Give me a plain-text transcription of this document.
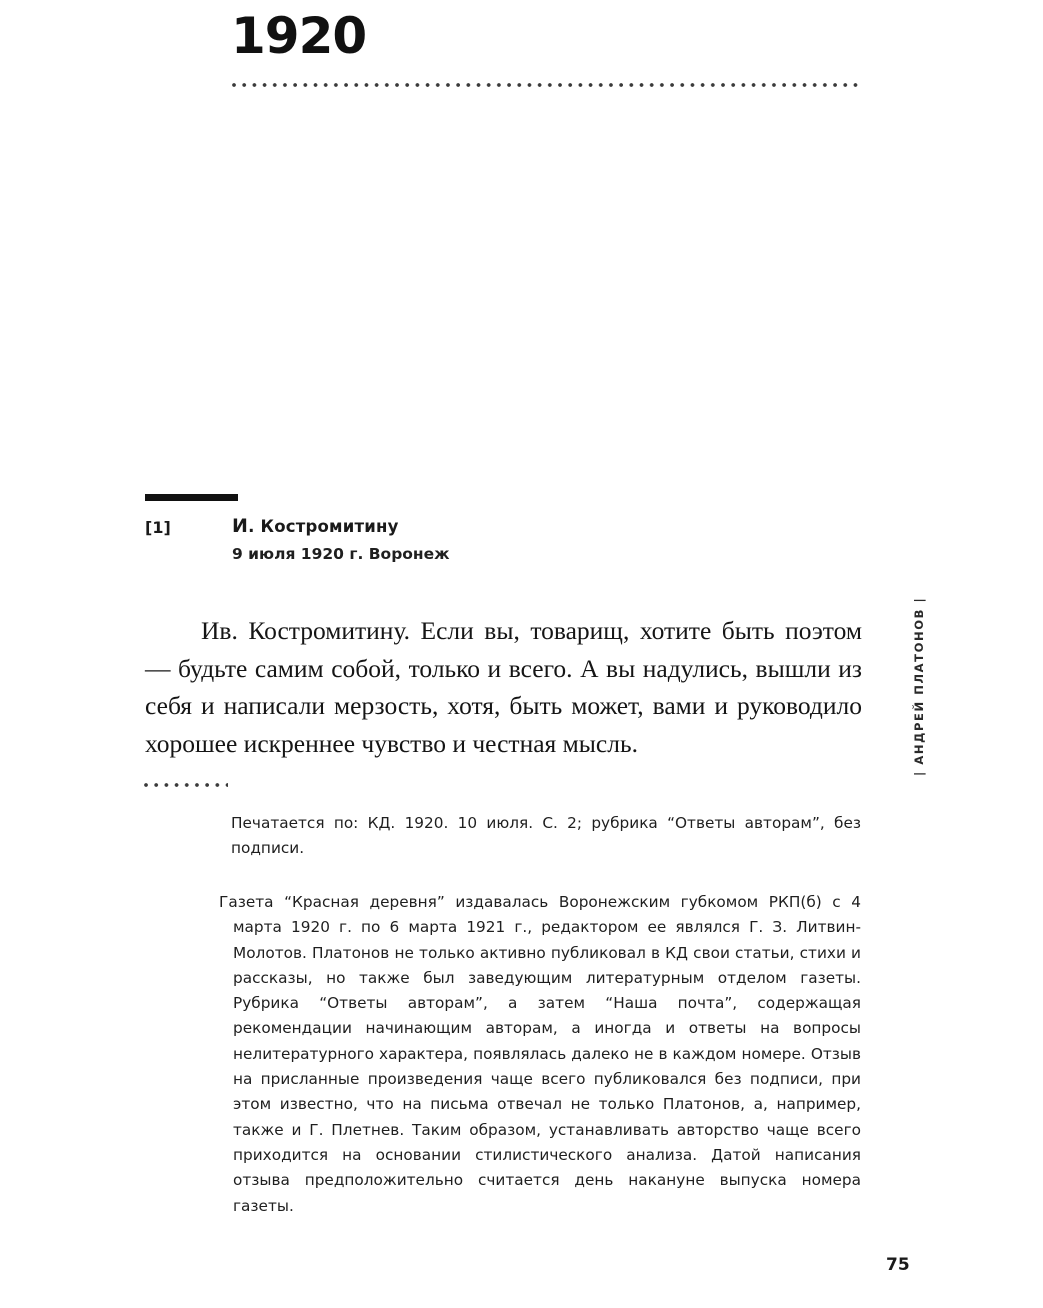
1920
[1]	И. Костромитину
9 июля 1920 г. Воронеж
Ив. Костромитину. Если вы, товарищ, хотите быть поэтом — будьте самим собой, только и всего. А вы надулись, вышли из себя и написали мерзость, хотя, быть может, вами и руководило хорошее искреннее чувство и честная мысль.
Печатается по: КД. 1920. 10 июля. С. 2; рубрика “Ответы авторам”, без подписи.

Газета “Красная деревня” издавалась Воронежским губкомом РКП(б) с 4 марта 1920 г. по 6 марта 1921 г., редактором ее являлся Г. З. Литвин-Молотов. Платонов не только активно публиковал в КД свои статьи, стихи и рассказы, но также был заведующим литературным отделом газеты. Рубрика “Ответы авторам”, а затем “Наша почта”, содержащая рекомендации начинающим авторам, а иногда и ответы на вопросы нелитературного характера, появлялась далеко не в каждом номере. Отзыв на присланные произведения чаще всего публиковался без подписи, при этом известно, что на письма отвечал не только Платонов, а, например, также и Г. Плетнев. Таким образом, устанавливать авторство чаще всего приходится на основании стилистического анализа. Датой написания отзыва предположительно считается день накануне выпуска номера газеты.

| АНДРЕЙ ПЛАТОНОВ |
75
